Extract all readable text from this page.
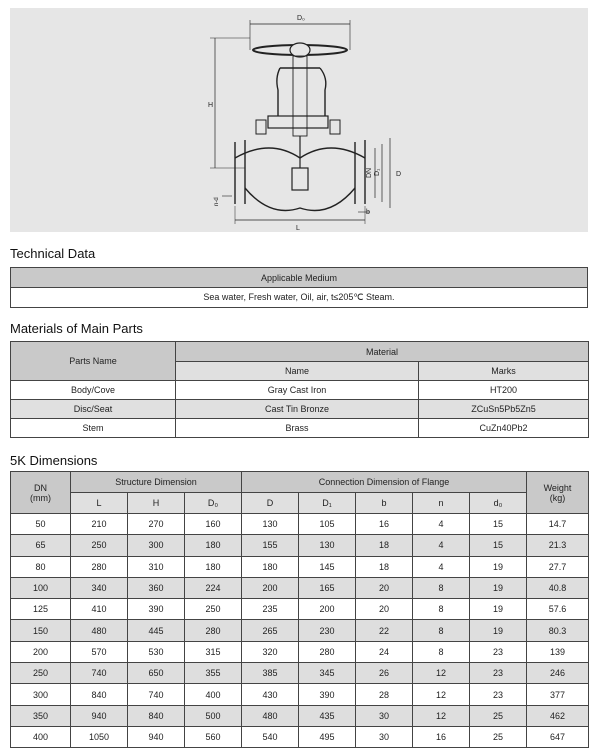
D₀
H
DN D₁ D
b
L
n-d
Technical Data
Applicable Medium
Sea water, Fresh water, Oil, air, t≤205℃ Steam.
Materials of Main Parts
Parts Name	Material	
	Name	Marks
Body/Cove	Gray Cast Iron	HT200
Disc/Seat	Cast Tin Bronze	ZCuSn5Pb5Zn5
Stem	Brass	CuZn40Pb2
5K Dimensions
DN
(mm)	Structure Dimension			Connection Dimension of Flange					Weight
(kg)
	L	H	D₀	D	D₁	b	n	d₀	
50	210	270	160	130	105	16	4	15	14.7
65	250	300	180	155	130	18	4	15	21.3
80	280	310	180	180	145	18	4	19	27.7
100	340	360	224	200	165	20	8	19	40.8
125	410	390	250	235	200	20	8	19	57.6
150	480	445	280	265	230	22	8	19	80.3
200	570	530	315	320	280	24	8	23	139
250	740	650	355	385	345	26	12	23	246
300	840	740	400	430	390	28	12	23	377
350	940	840	500	480	435	30	12	25	462
400	1050	940	560	540	495	30	16	25	647
